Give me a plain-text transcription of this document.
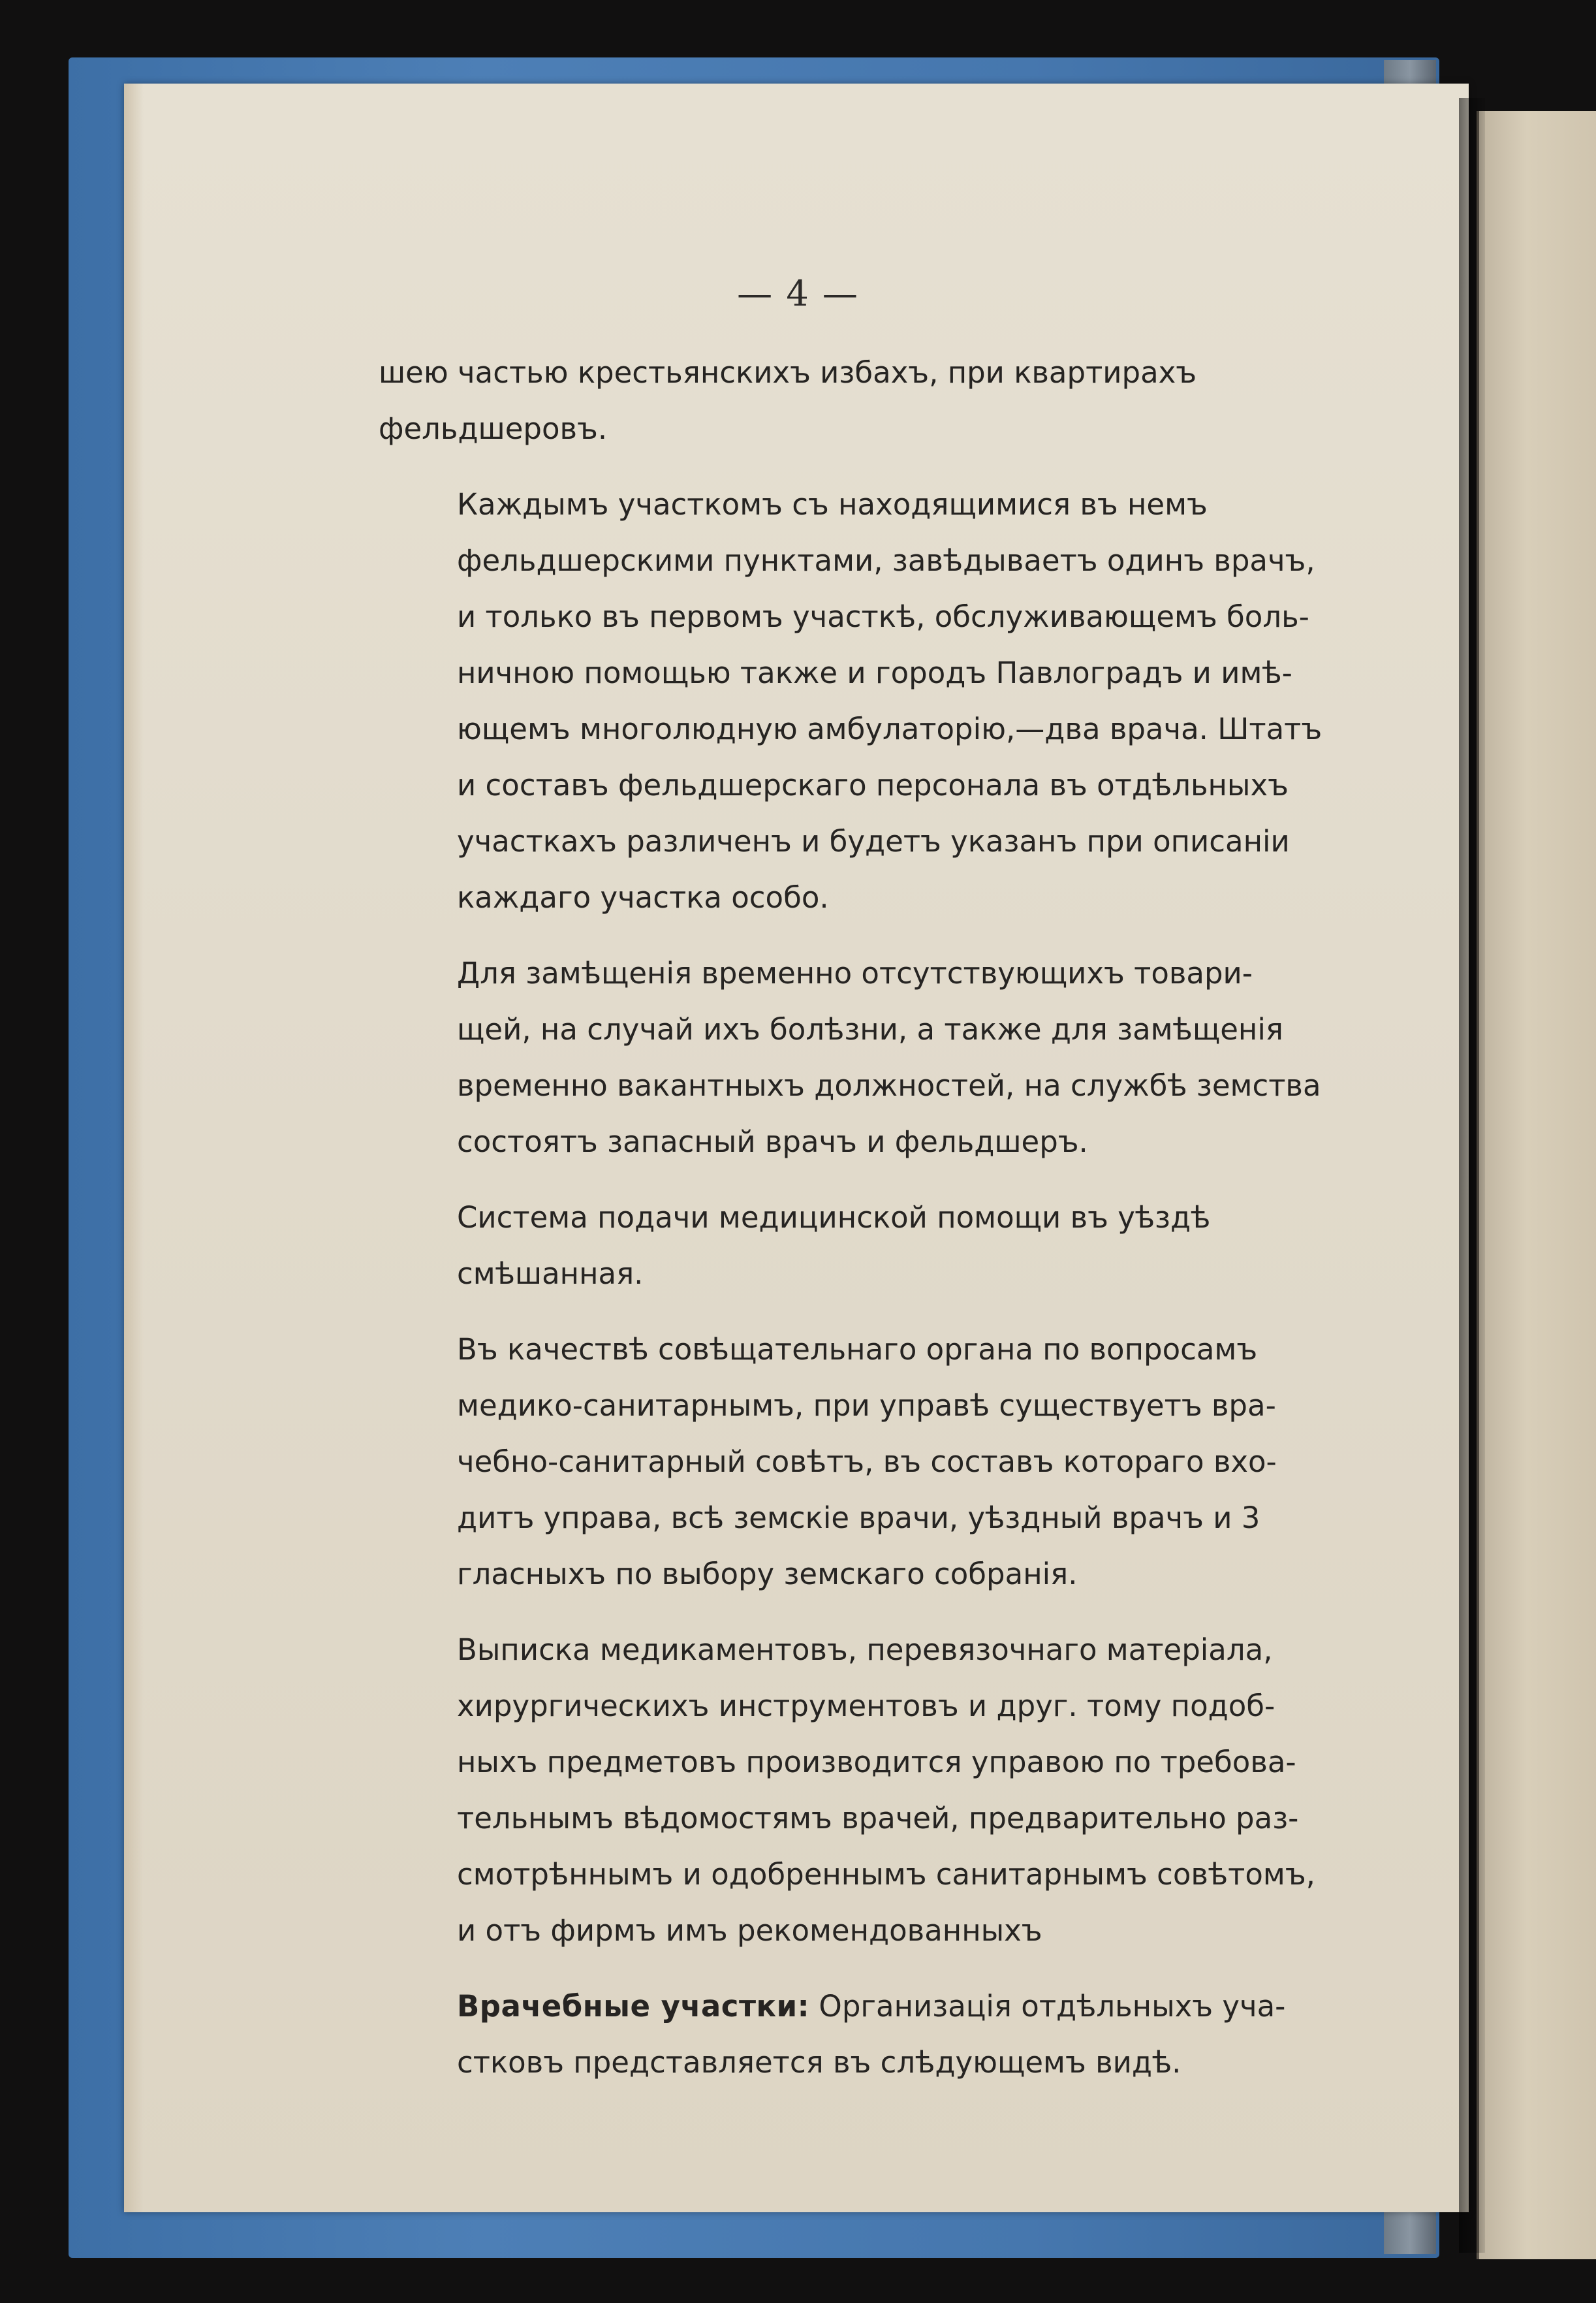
— 4 —

шею частью крестьянскихъ избахъ, при квартирахъ
фельдшеровъ.

Каждымъ участкомъ съ находящимися въ немъ
фельдшерскими пунктами, завѣдываетъ одинъ врачъ,
и только въ первомъ участкѣ, обслуживающемъ боль-
ничною помощью также и городъ Павлоградъ и имѣ-
ющемъ многолюдную амбулаторію,—два врача. Штатъ
и составъ фельдшерскаго персонала въ отдѣльныхъ
участкахъ различенъ и будетъ указанъ при описанiи
каждаго участка особо.

Для замѣщенія временно отсутствующихъ товари-
щей, на случай ихъ болѣзни, а также для замѣщенія
временно вакантныхъ должностей, на службѣ земства
состоятъ запасный врачъ и фельдшеръ.

Система подачи медицинской помощи въ уѣздѣ
смѣшанная.

Въ качествѣ совѣщательнаго органа по вопросамъ
медико-санитарнымъ, при управѣ существуетъ вра-
чебно-санитарный совѣтъ, въ составъ котораго вхо-
дитъ управа, всѣ земскiе врачи, уѣздный врачъ и 3
гласныхъ по выбору земскаго собранія.

Выписка медикаментовъ, перевязочнаго матеріала,
хирургическихъ инструментовъ и друг. тому подоб-
ныхъ предметовъ производится управою по требова-
тельнымъ вѣдомостямъ врачей, предварительно раз-
смотрѣннымъ и одобреннымъ санитарнымъ совѣтомъ,
и отъ фирмъ имъ рекомендованныхъ

Врачебные участки: Организація отдѣльныхъ уча-
стковъ представляется въ слѣдующемъ видѣ.
